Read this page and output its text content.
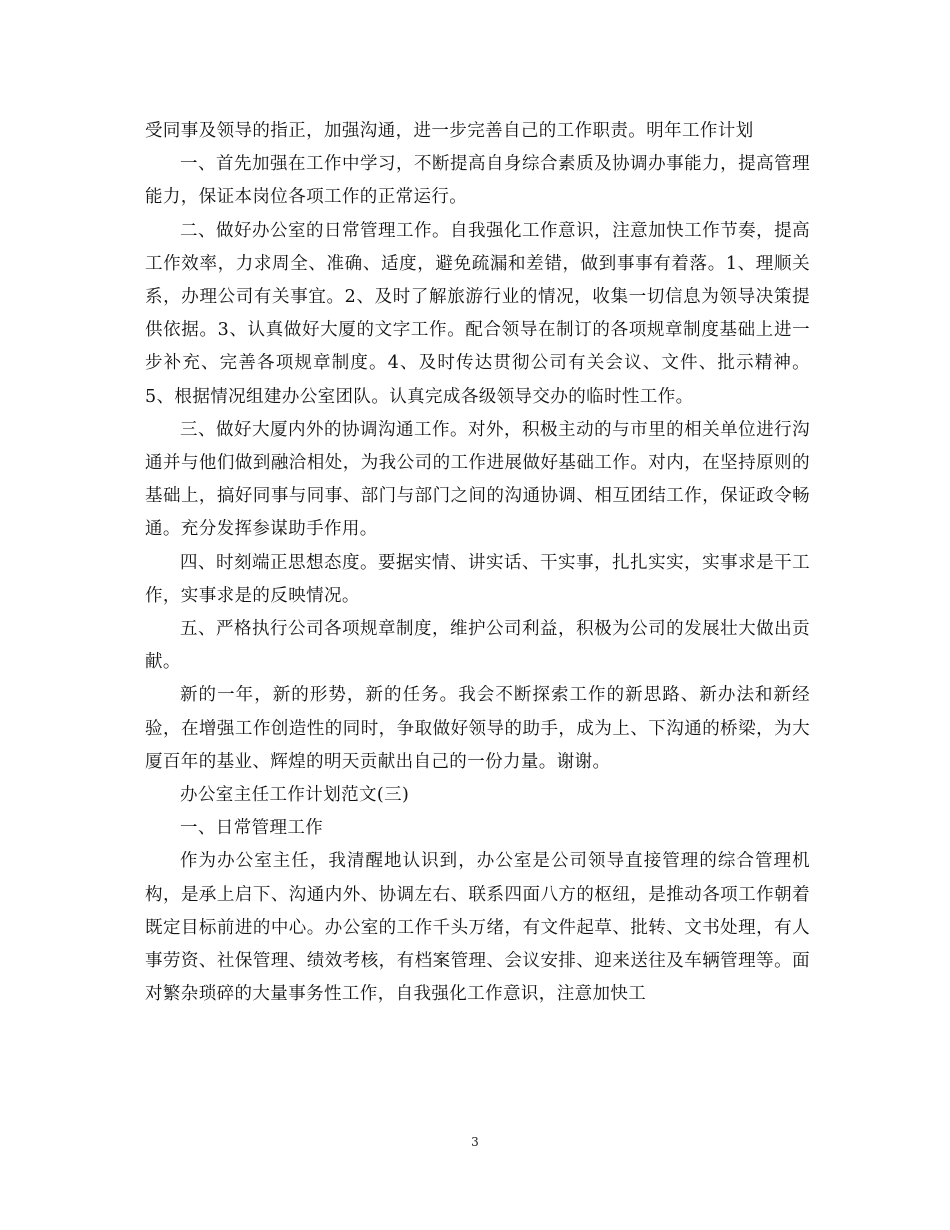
受同事及领导的指正，加强沟通，进一步完善自己的工作职责。明年工作计划

一、首先加强在工作中学习，不断提高自身综合素质及协调办事能力，提高管理能力，保证本岗位各项工作的正常运行。

二、做好办公室的日常管理工作。自我强化工作意识，注意加快工作节奏，提高工作效率，力求周全、准确、适度，避免疏漏和差错，做到事事有着落。1、理顺关系，办理公司有关事宜。2、及时了解旅游行业的情况，收集一切信息为领导决策提供依据。3、认真做好大厦的文字工作。配合领导在制订的各项规章制度基础上进一步补充、完善各项规章制度。4、及时传达贯彻公司有关会议、文件、批示精神。5、根据情况组建办公室团队。认真完成各级领导交办的临时性工作。

三、做好大厦内外的协调沟通工作。对外，积极主动的与市里的相关单位进行沟通并与他们做到融洽相处，为我公司的工作进展做好基础工作。对内，在坚持原则的基础上，搞好同事与同事、部门与部门之间的沟通协调、相互团结工作，保证政令畅通。充分发挥参谋助手作用。

四、时刻端正思想态度。要据实情、讲实话、干实事，扎扎实实，实事求是干工作，实事求是的反映情况。

五、严格执行公司各项规章制度，维护公司利益，积极为公司的发展壮大做出贡献。

新的一年，新的形势，新的任务。我会不断探索工作的新思路、新办法和新经验，在增强工作创造性的同时，争取做好领导的助手，成为上、下沟通的桥梁，为大厦百年的基业、辉煌的明天贡献出自己的一份力量。谢谢。

办公室主任工作计划范文(三)

一、日常管理工作

作为办公室主任，我清醒地认识到，办公室是公司领导直接管理的综合管理机构，是承上启下、沟通内外、协调左右、联系四面八方的枢纽，是推动各项工作朝着既定目标前进的中心。办公室的工作千头万绪，有文件起草、批转、文书处理，有人事劳资、社保管理、绩效考核，有档案管理、会议安排、迎来送往及车辆管理等。面对繁杂琐碎的大量事务性工作，自我强化工作意识，注意加快工

3
